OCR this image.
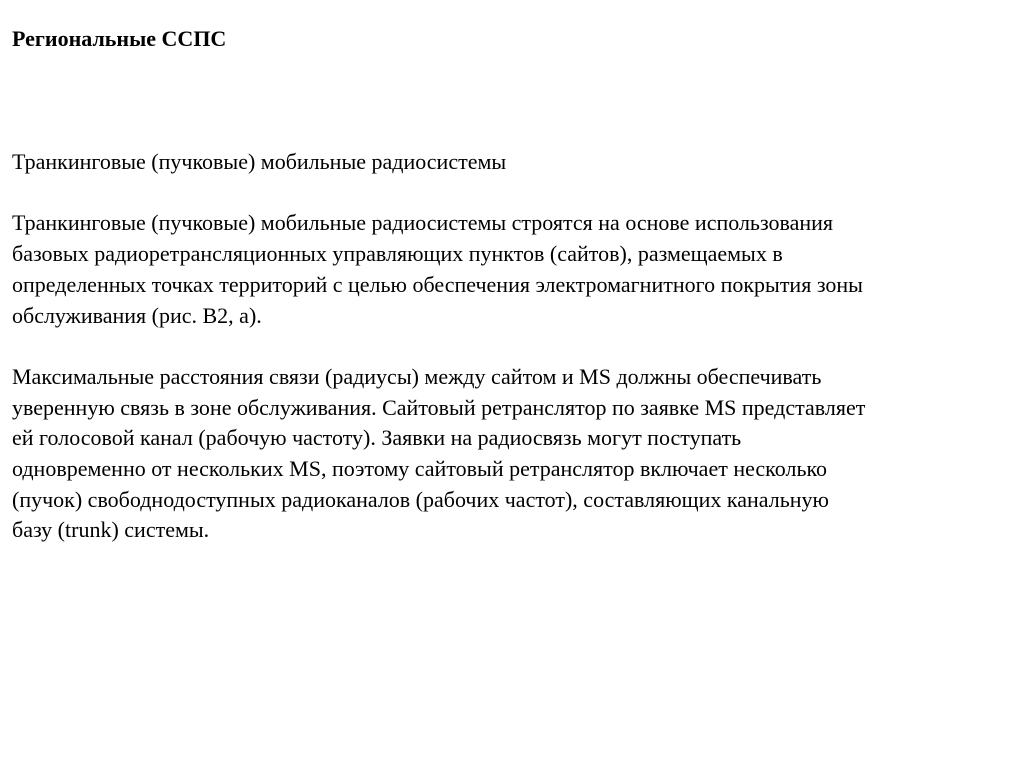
Региональные ССПС

Транкинговые (пучковые) мобильные радиосистемы

Транкинговые (пучковые) мобильные радиосистемы строятся на основе использования

базовых радиоретрансляционных управляющих пунктов (сайтов), размещаемых в

определенных точках территорий с целью обеспечения электромагнитного покрытия зоны

обслуживания (рис. В2, а).

Максимальные расстояния связи (радиусы) между сайтом и MS должны обеспечивать

уверенную связь в зоне обслуживания. Сайтовый ретранслятор по заявке MS представляет

ей голосовой канал (рабочую частоту). Заявки на радиосвязь могут поступать

одновременно от нескольких MS, поэтому сайтовый ретранслятор включает несколько

(пучок) свободнодоступных радиоканалов (рабочих частот), составляющих канальную

базу (trunk) системы.
